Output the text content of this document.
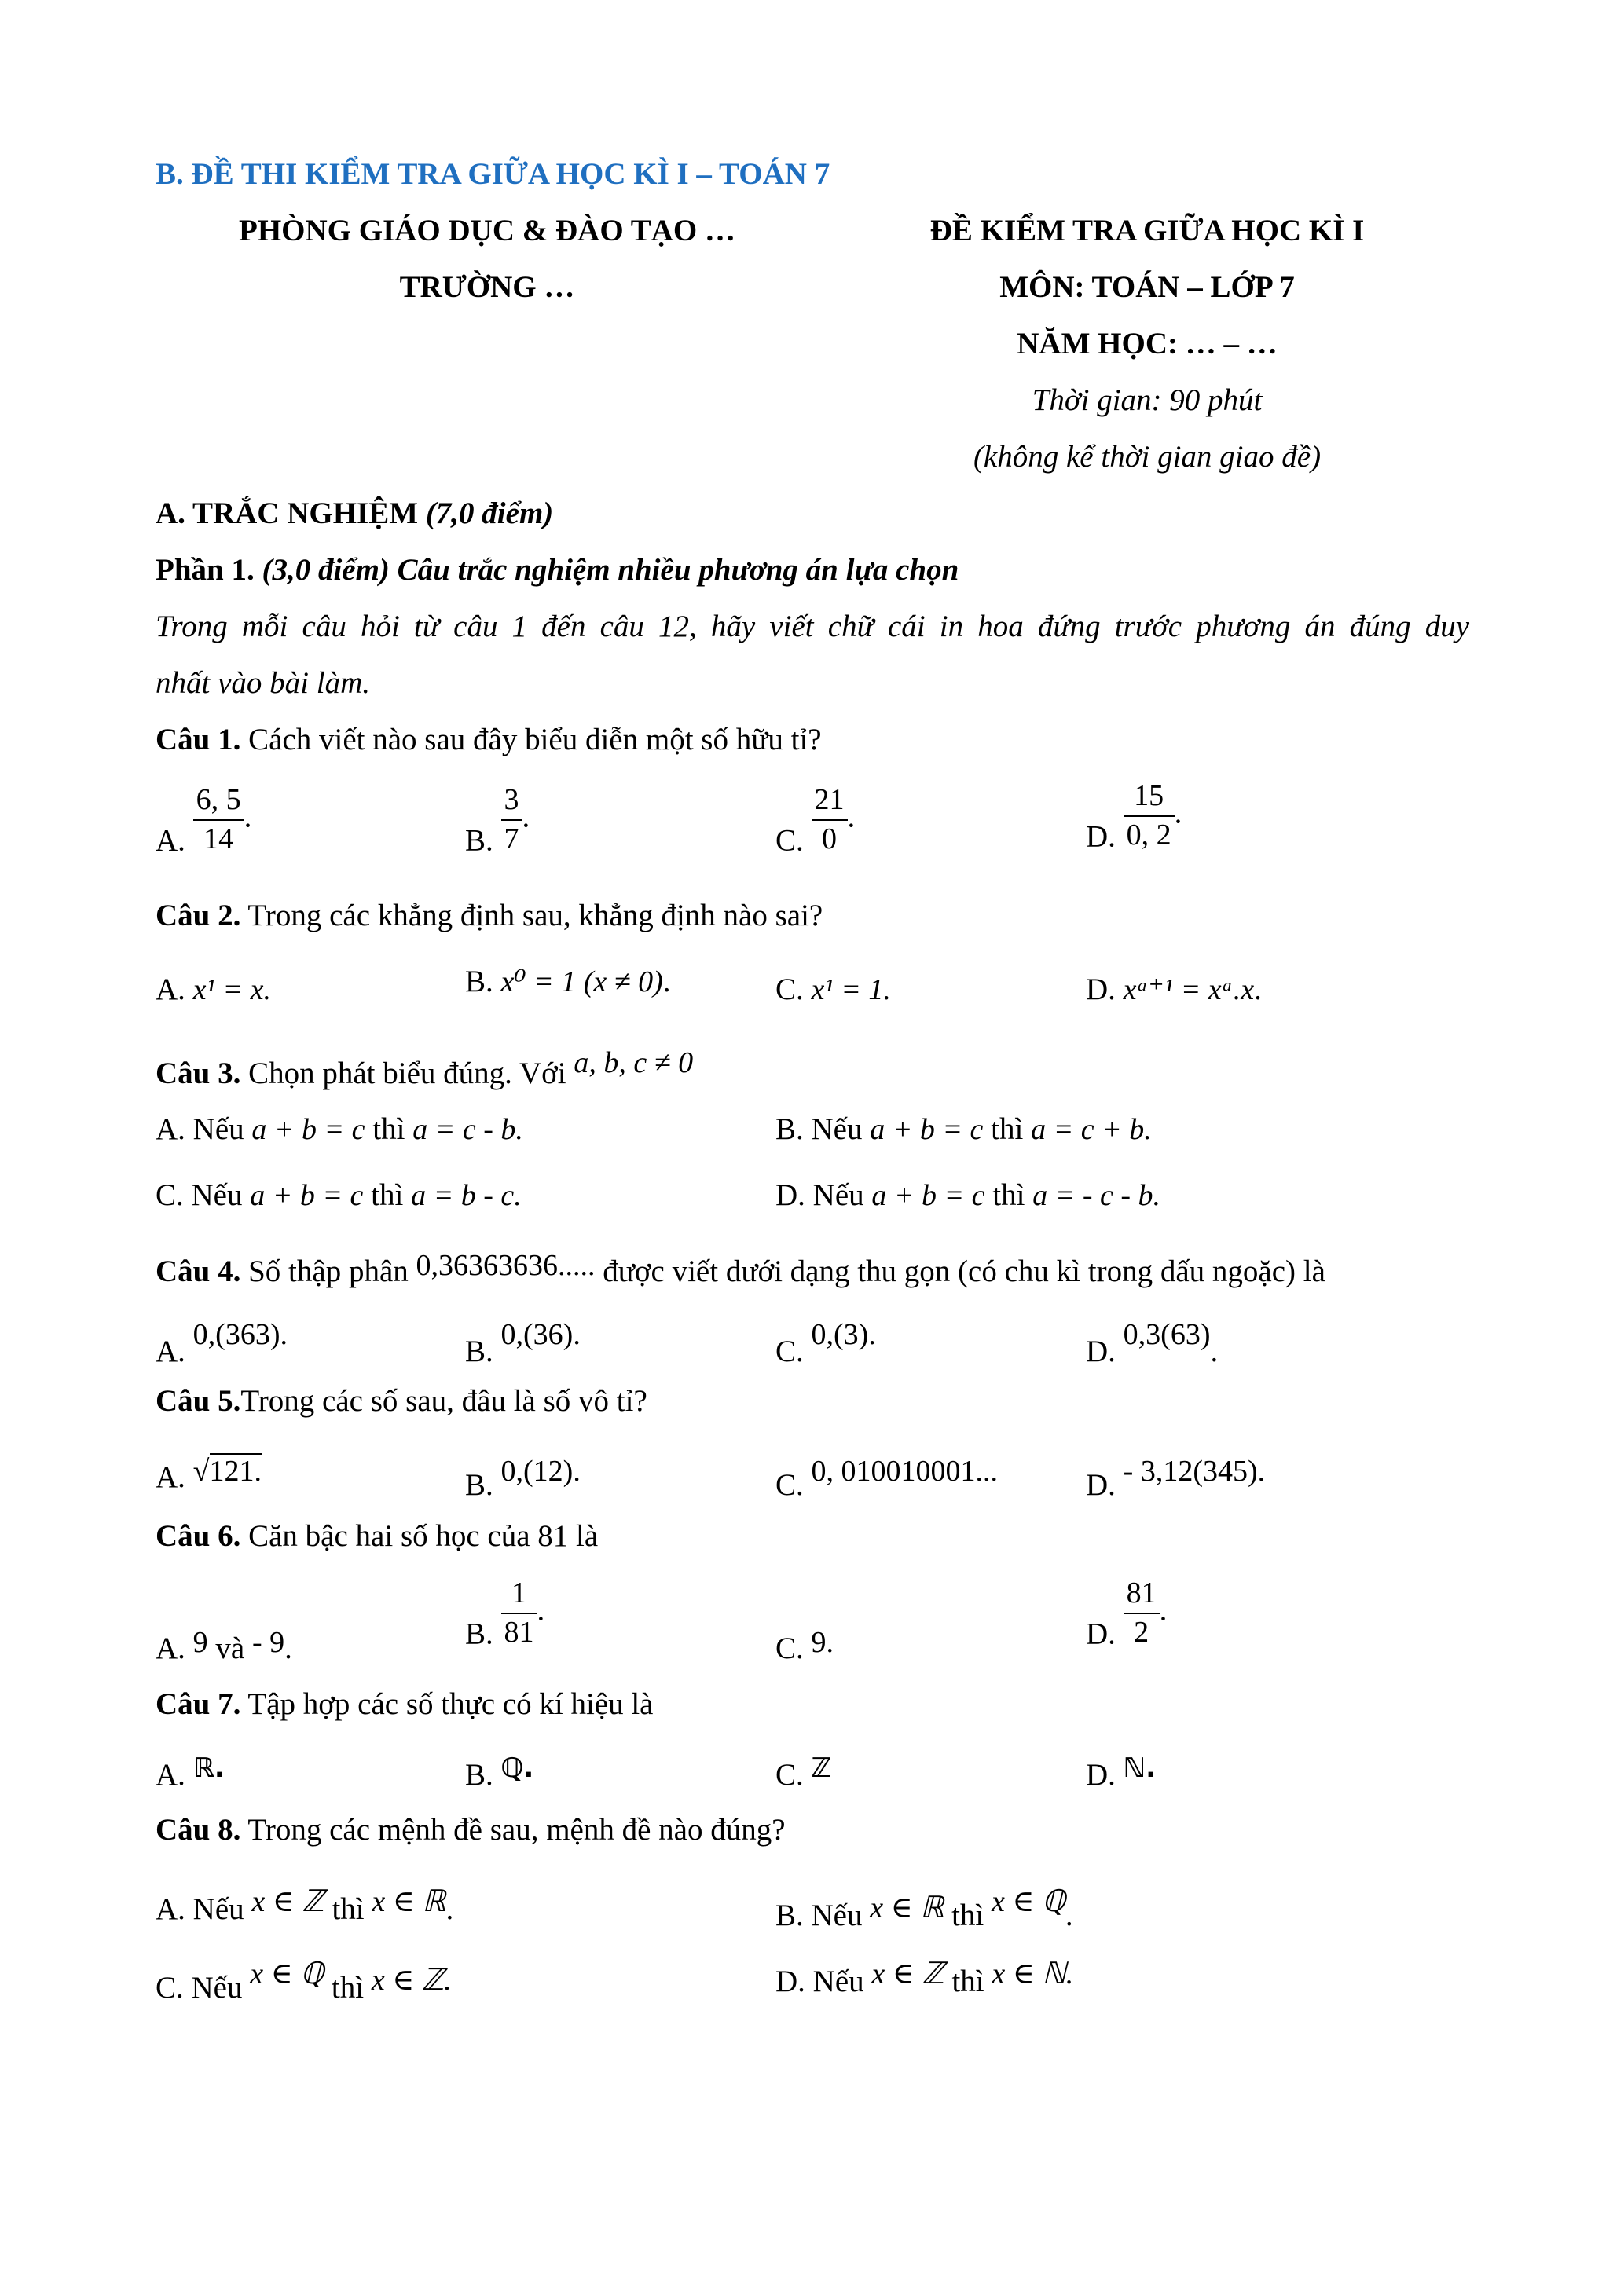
B. ĐỀ THI KIỂM TRA GIỮA HỌC KÌ I – TOÁN 7
PHÒNG GIÁO DỤC & ĐÀO TẠO …
TRƯỜNG …
ĐỀ KIỂM TRA GIỮA HỌC KÌ I
MÔN: TOÁN – LỚP 7
NĂM HỌC: … – …
Thời gian: 90 phút
(không kể thời gian giao đề)
A. TRẮC NGHIỆM (7,0 điểm)
Phần 1. (3,0 điểm) Câu trắc nghiệm nhiều phương án lựa chọn
Trong mỗi câu hỏi từ câu 1 đến câu 12, hãy viết chữ cái in hoa đứng trước phương án đúng duy
nhất vào bài làm.
Câu 1. Cách viết nào sau đây biểu diễn một số hữu tỉ?
A. $\frac{6, 5}{14}$ .
B. $\frac{3}{7}$ .
C. $\frac{21}{0}$ .
D. $\frac{15}{0, 2}$ .
Câu 2. Trong các khẳng định sau, khẳng định nào sai?
A. x¹ = x.	B. x⁰ = 1 (x ≠ 0).	C. x¹ = 1.	D. xᵃ⁺¹ = xᵃ.x.
Câu 3. Chọn phát biểu đúng. Với a, b, c ≠ 0
A. Nếu a + b = c thì a = c - b.	B. Nếu a + b = c thì a = c + b.
C. Nếu a + b = c thì a = b - c.	D. Nếu a + b = c thì a = - c - b.
Câu 4. Số thập phân 0,36363636..... được viết dưới dạng thu gọn (có chu kì trong dấu ngoặc) là
A. 0,(363).	B. 0,(36).	C. 0,(3).	D. 0,3(63).
Câu 5.Trong các số sau, đâu là số vô tỉ?
A. √121.	B. 0,(12).	C. 0, 010010001...	D. - 3,12(345).
Câu 6. Căn bậc hai số học của 81 là
A. 9 và - 9.	B. $\frac{1}{81}$ .
C. 9.	D. $\frac{81}{2}$ .
Câu 7. Tập hợp các số thực có kí hiệu là
A. ℝ.	B. ℚ.	C. ℤ	D. ℕ.
Câu 8. Trong các mệnh đề sau, mệnh đề nào đúng?
A. Nếu x ∈ ℤ thì x ∈ ℝ.	B. Nếu x ∈ ℝ thì x ∈ ℚ.
C. Nếu x ∈ ℚ thì x ∈ ℤ.	D. Nếu x ∈ ℤ thì x ∈ ℕ.
